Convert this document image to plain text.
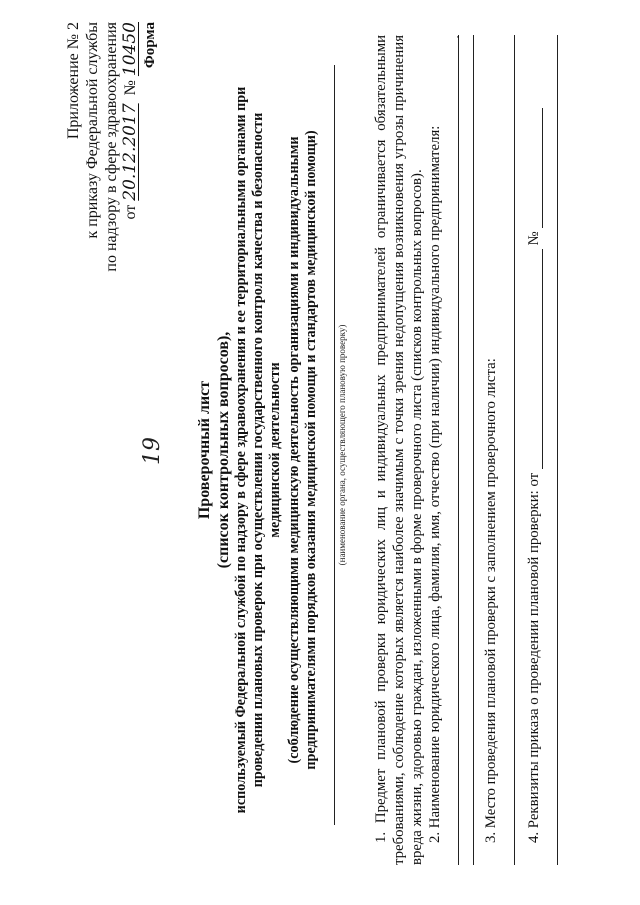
19
Приложение № 2 к приказу Федеральной службы по надзору в сфере здравоохранения от 20.12.2017  № 10450 Форма
Проверочный лист (список контрольных вопросов), используемый Федеральной службой по надзору в сфере здравоохранения и ее территориальными органами при проведении плановых проверок при осуществлении государственного контроля качества и безопасности медицинской деятельности (соблюдение осуществляющими медицинскую деятельность организациями и индивидуальными предпринимателями порядков оказания медицинской помощи и стандартов медицинской помощи) (наименование органа, осуществляющего плановую проверку) 1. Предмет плановой проверки юридических лиц и индивидуальных предпринимателей ограничивается обязательными требованиями, соблюдение которых является наиболее значимым с точки зрения недопущения возникновения угрозы причинения вреда жизни, здоровью граждан, изложенными в форме проверочного листа (списков контрольных вопросов). 2. Наименование юридического лица, фамилия, имя, отчество (при наличии) индивидуального предпринимателя:

.

3. Место проведения плановой проверки с заполнением проверочного листа: 4. Реквизиты приказа о проведении плановой проверки: от  №
